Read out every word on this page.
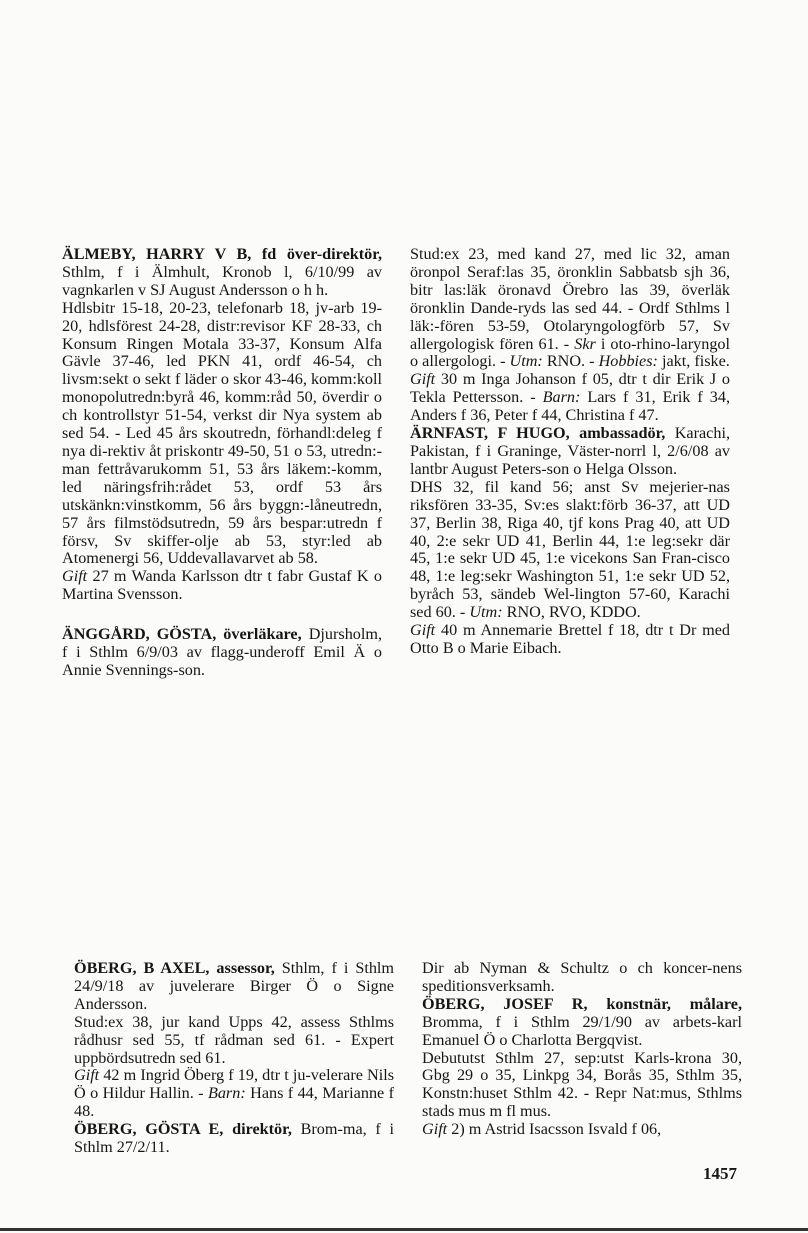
ÄLMEBY, HARRY V B, fd över-direktör, Sthlm, f i Älmhult, Kronob l, 6/10/99 av vagnkarlen v SJ August Andersson o h h.

Hdlsbitr 15-18, 20-23, telefonarb 18, jv-arb 19-20, hdlsförest 24-28, distr:revisor KF 28-33, ch Konsum Ringen Motala 33-37, Konsum Alfa Gävle 37-46, led PKN 41, ordf 46-54, ch livsm:sekt o sekt f läder o skor 43-46, komm:koll monopolutredn:byrå 46, komm:råd 50, överdir o ch kontrollstyr 51-54, verkst dir Nya system ab sed 54. - Led 45 års skoutredn, förhandl:deleg f nya di-rektiv åt priskontr 49-50, 51 o 53, utredn:-man fettråvarukomm 51, 53 års läkem:-komm, led näringsfrih:rådet 53, ordf 53 års utskänkn:vinstkomm, 56 års byggn:-låneutredn, 57 års filmstödsutredn, 59 års bespar:utredn f försv, Sv skiffer-olje ab 53, styr:led ab Atomenergi 56, Uddevallavarvet ab 58.

Gift 27 m Wanda Karlsson dtr t fabr Gustaf K o Martina Svensson.

ÄNGGÅRD, GÖSTA, överläkare, Djursholm, f i Sthlm 6/9/03 av flagg-underoff Emil Ä o Annie Svennings-son.

Stud:ex 23, med kand 27, med lic 32, aman öronpol Seraf:las 35, öronklin Sabbatsb sjh 36, bitr las:läk öronavd Örebro las 39, överläk öronklin Dande-ryds las sed 44. - Ordf Sthlms l läk:-fören 53-59, Otolaryngologförb 57, Sv allergologisk fören 61. - Skr i oto-rhino-laryngol o allergologi. - Utm: RNO. - Hobbies: jakt, fiske.

Gift 30 m Inga Johanson f 05, dtr t dir Erik J o Tekla Pettersson. - Barn: Lars f 31, Erik f 34, Anders f 36, Peter f 44, Christina f 47.

ÄRNFAST, F HUGO, ambassadör, Karachi, Pakistan, f i Graninge, Väster-norrl l, 2/6/08 av lantbr August Peters-son o Helga Olsson.

DHS 32, fil kand 56; anst Sv mejerier-nas riksfören 33-35, Sv:es slakt:förb 36-37, att UD 37, Berlin 38, Riga 40, tjf kons Prag 40, att UD 40, 2:e sekr UD 41, Berlin 44, 1:e leg:sekr där 45, 1:e sekr UD 45, 1:e vicekons San Fran-cisco 48, 1:e leg:sekr Washington 51, 1:e sekr UD 52, byråch 53, sändeb Wel-lington 57-60, Karachi sed 60. - Utm: RNO, RVO, KDDO.

Gift 40 m Annemarie Brettel f 18, dtr t Dr med Otto B o Marie Eibach.

ÖBERG, B AXEL, assessor, Sthlm, f i Sthlm 24/9/18 av juvelerare Birger Ö o Signe Andersson.

Stud:ex 38, jur kand Upps 42, assess Sthlms rådhusr sed 55, tf rådman sed 61. - Expert uppbördsutredn sed 61.

Gift 42 m Ingrid Öberg f 19, dtr t ju-velerare Nils Ö o Hildur Hallin. - Barn: Hans f 44, Marianne f 48.

ÖBERG, GÖSTA E, direktör, Brom-ma, f i Sthlm 27/2/11.

Dir ab Nyman & Schultz o ch koncer-nens speditionsverksamh.

ÖBERG, JOSEF R, konstnär, målare, Bromma, f i Sthlm 29/1/90 av arbets-karl Emanuel Ö o Charlotta Bergqvist.

Debututst Sthlm 27, sep:utst Karls-krona 30, Gbg 29 o 35, Linkpg 34, Borås 35, Sthlm 35, Konstn:huset Sthlm 42. - Repr Nat:mus, Sthlms stads mus m fl mus.

Gift 2) m Astrid Isacsson Isvald f 06,

1457
